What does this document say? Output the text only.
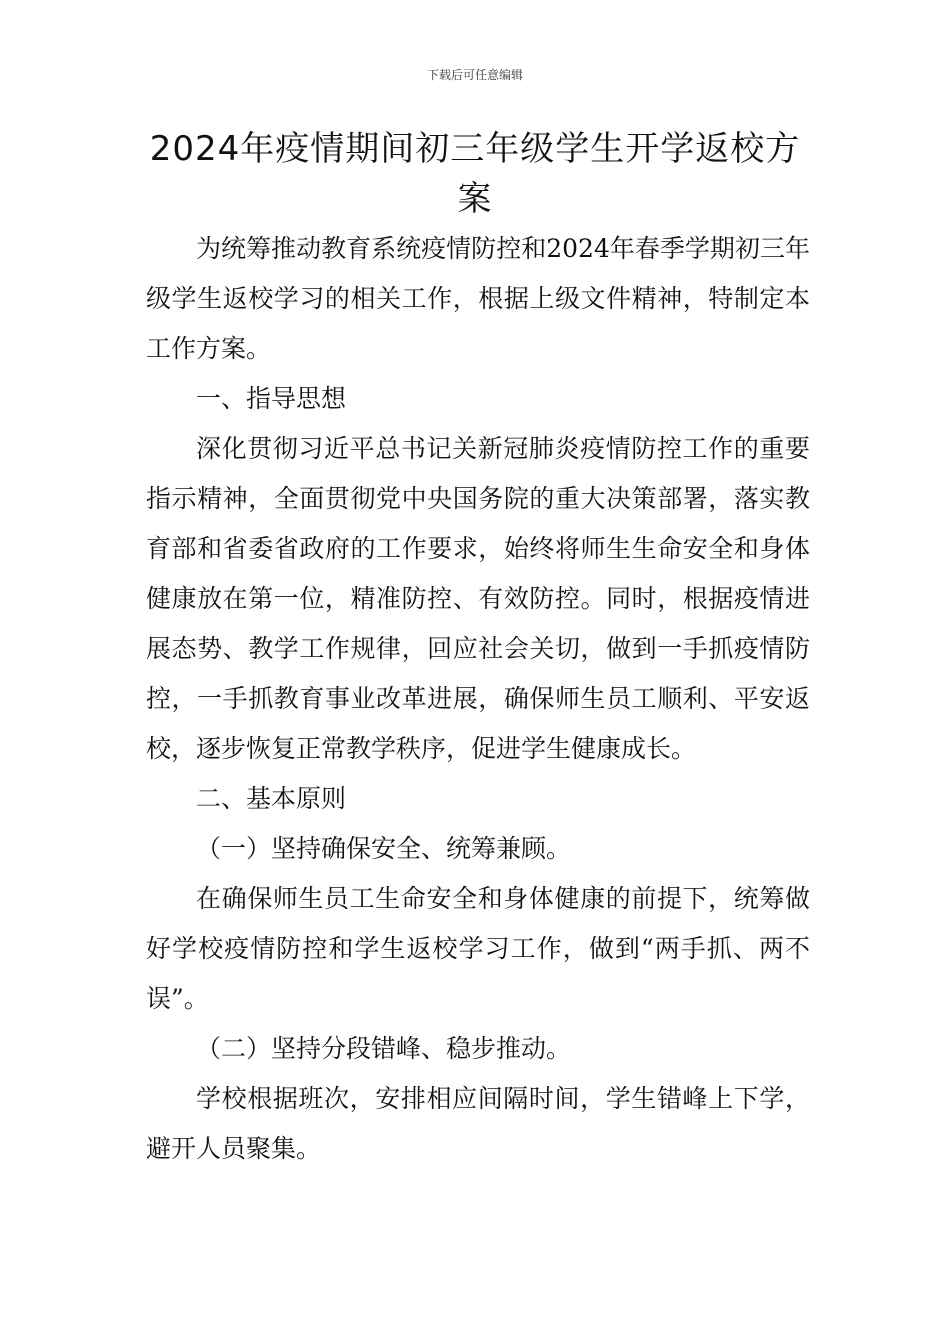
下载后可任意编辑
2024年疫情期间初三年级学生开学返校方案

为统筹推动教育系统疫情防控和2024年春季学期初三年级学生返校学习的相关工作，根据上级文件精神，特制定本工作方案。

一、指导思想

深化贯彻习近平总书记关新冠肺炎疫情防控工作的重要指示精神，全面贯彻党中央国务院的重大决策部署，落实教育部和省委省政府的工作要求，始终将师生生命安全和身体健康放在第一位，精准防控、有效防控。同时，根据疫情进展态势、教学工作规律，回应社会关切，做到一手抓疫情防控，一手抓教育事业改革进展，确保师生员工顺利、平安返校，逐步恢复正常教学秩序，促进学生健康成长。

二、基本原则

（一）坚持确保安全、统筹兼顾。

在确保师生员工生命安全和身体健康的前提下，统筹做好学校疫情防控和学生返校学习工作，做到“两手抓、两不误”。

（二）坚持分段错峰、稳步推动。

学校根据班次，安排相应间隔时间，学生错峰上下学，避开人员聚集。
